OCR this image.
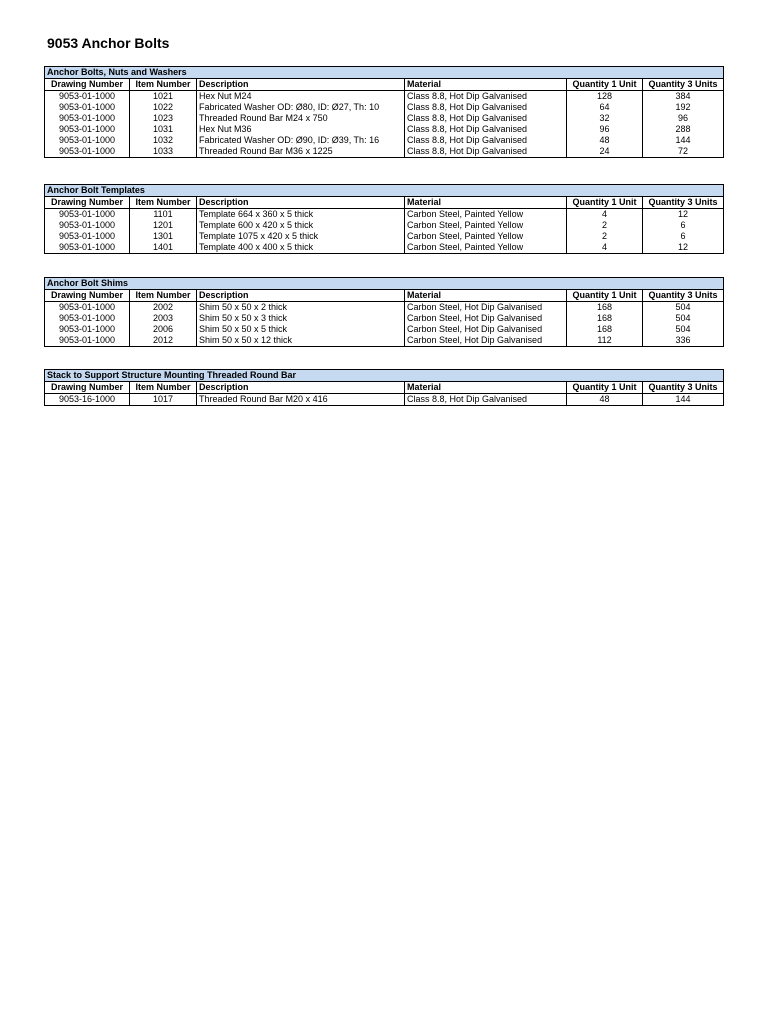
9053 Anchor Bolts
Anchor Bolts, Nuts and Washers					
Drawing Number	Item Number	Description	Material	Quantity 1 Unit	Quantity 3 Units
9053-01-1000	1021	Hex Nut M24	Class 8.8, Hot Dip Galvanised	128	384
9053-01-1000	1022	Fabricated Washer OD: Ø80, ID: Ø27, Th: 10	Class 8.8, Hot Dip Galvanised	64	192
9053-01-1000	1023	Threaded Round Bar M24 x 750	Class 8.8, Hot Dip Galvanised	32	96
9053-01-1000	1031	Hex Nut M36	Class 8.8, Hot Dip Galvanised	96	288
9053-01-1000	1032	Fabricated Washer OD: Ø90, ID: Ø39, Th: 16	Class 8.8, Hot Dip Galvanised	48	144
9053-01-1000	1033	Threaded Round Bar M36 x 1225	Class 8.8, Hot Dip Galvanised	24	72
Anchor Bolt Templates					
Drawing Number	Item Number	Description	Material	Quantity 1 Unit	Quantity 3 Units
9053-01-1000	1101	Template 664 x 360 x 5 thick	Carbon Steel, Painted Yellow	4	12
9053-01-1000	1201	Template 600 x 420 x 5 thick	Carbon Steel, Painted Yellow	2	6
9053-01-1000	1301	Template 1075 x 420 x 5 thick	Carbon Steel, Painted Yellow	2	6
9053-01-1000	1401	Template 400 x 400 x 5 thick	Carbon Steel, Painted Yellow	4	12
Anchor Bolt Shims					
Drawing Number	Item Number	Description	Material	Quantity 1 Unit	Quantity 3 Units
9053-01-1000	2002	Shim 50 x 50 x 2 thick	Carbon Steel, Hot Dip Galvanised	168	504
9053-01-1000	2003	Shim 50 x 50 x 3 thick	Carbon Steel, Hot Dip Galvanised	168	504
9053-01-1000	2006	Shim 50 x 50 x 5 thick	Carbon Steel, Hot Dip Galvanised	168	504
9053-01-1000	2012	Shim 50 x 50 x 12 thick	Carbon Steel, Hot Dip Galvanised	112	336
Stack to Support Structure Mounting Threaded Round Bar					
Drawing Number	Item Number	Description	Material	Quantity 1 Unit	Quantity 3 Units
9053-16-1000	1017	Threaded Round Bar M20 x 416	Class 8.8, Hot Dip Galvanised	48	144
